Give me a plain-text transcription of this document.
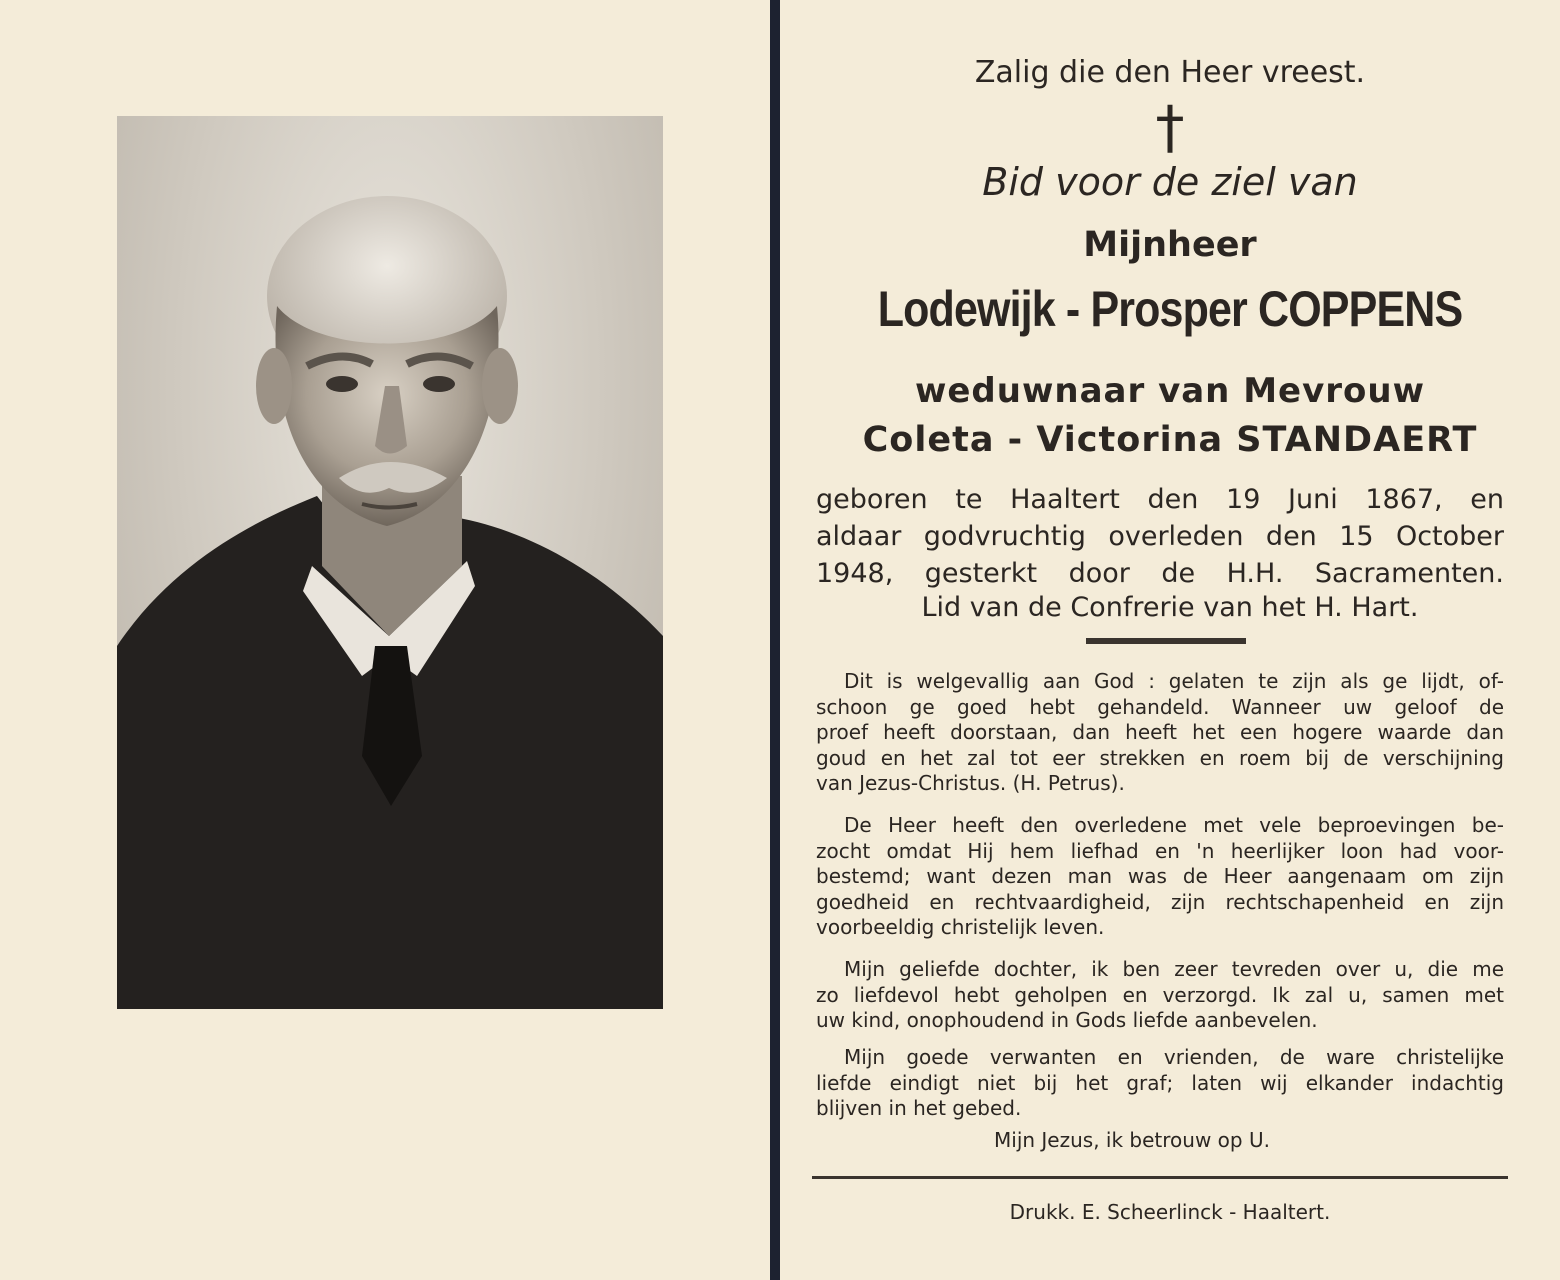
Zalig die den Heer vreest.
†
Bid voor de ziel van
Mijnheer
Lodewijk - Prosper COPPENS
weduwnaar van Mevrouw
Coleta - Victorina STANDAERT
geboren te Haaltert den 19 Juni 1867, en
aldaar godvruchtig overleden den 15 October
1948, gesterkt door de H.H. Sacramenten.
Lid van de Confrerie van het H. Hart.
Dit is welgevallig aan God : gelaten te zijn als ge lijdt, of-
schoon ge goed hebt gehandeld. Wanneer uw geloof de
proef heeft doorstaan, dan heeft het een hogere waarde dan
goud en het zal tot eer strekken en roem bij de verschijning
van Jezus-Christus. (H. Petrus).
De Heer heeft den overledene met vele beproevingen be-
zocht omdat Hij hem liefhad en 'n heerlijker loon had voor-
bestemd; want dezen man was de Heer aangenaam om zijn
goedheid en rechtvaardigheid, zijn rechtschapenheid en zijn
voorbeeldig christelijk leven.
Mijn geliefde dochter, ik ben zeer tevreden over u, die me
zo liefdevol hebt geholpen en verzorgd. Ik zal u, samen met
uw kind, onophoudend in Gods liefde aanbevelen.
Mijn goede verwanten en vrienden, de ware christelijke
liefde eindigt niet bij het graf; laten wij elkander indachtig
blijven in het gebed.
Mijn Jezus, ik betrouw op U.
Drukk. E. Scheerlinck - Haaltert.
